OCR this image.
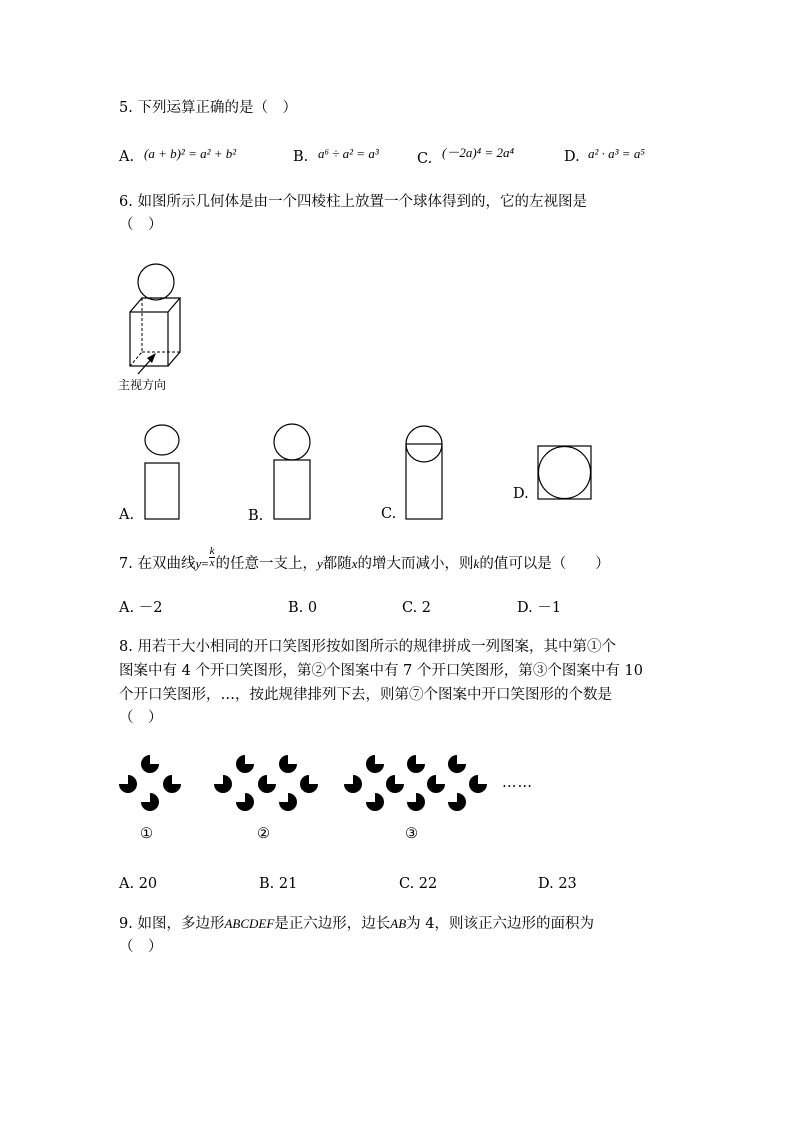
5. 下列运算正确的是（　）
A. (a + b)² = a² + b²	B. a⁶ ÷ a² = a³	C. (－2a)⁴ = 2a⁴	D. a² · a³ = a⁵
6. 如图所示几何体是由一个四棱柱上放置一个球体得到的，它的左视图是
（　）
主视方向
A.	B.	C.
D.
7. 在双曲线$y= \frac{k}{x}$ 的任意一支上，y都随x的增大而减小，则k的值可以是（　　）
A. －2	B. 0	C. 2	D. －1
8. 用若干大小相同的开口笑图形按如图所示的规律拼成一列图案，其中第①个
图案中有 4 个开口笑图形，第②个图案中有 7 个开口笑图形，第③个图案中有 10
个开口笑图形，…，按此规律排列下去，则第⑦个图案中开口笑图形的个数是
（　）
……
①	②	③
A. 20	B. 21	C. 22	D. 23
9. 如图，多边形ABCDEF是正六边形，边长AB为 4，则该正六边形的面积为
（　）
